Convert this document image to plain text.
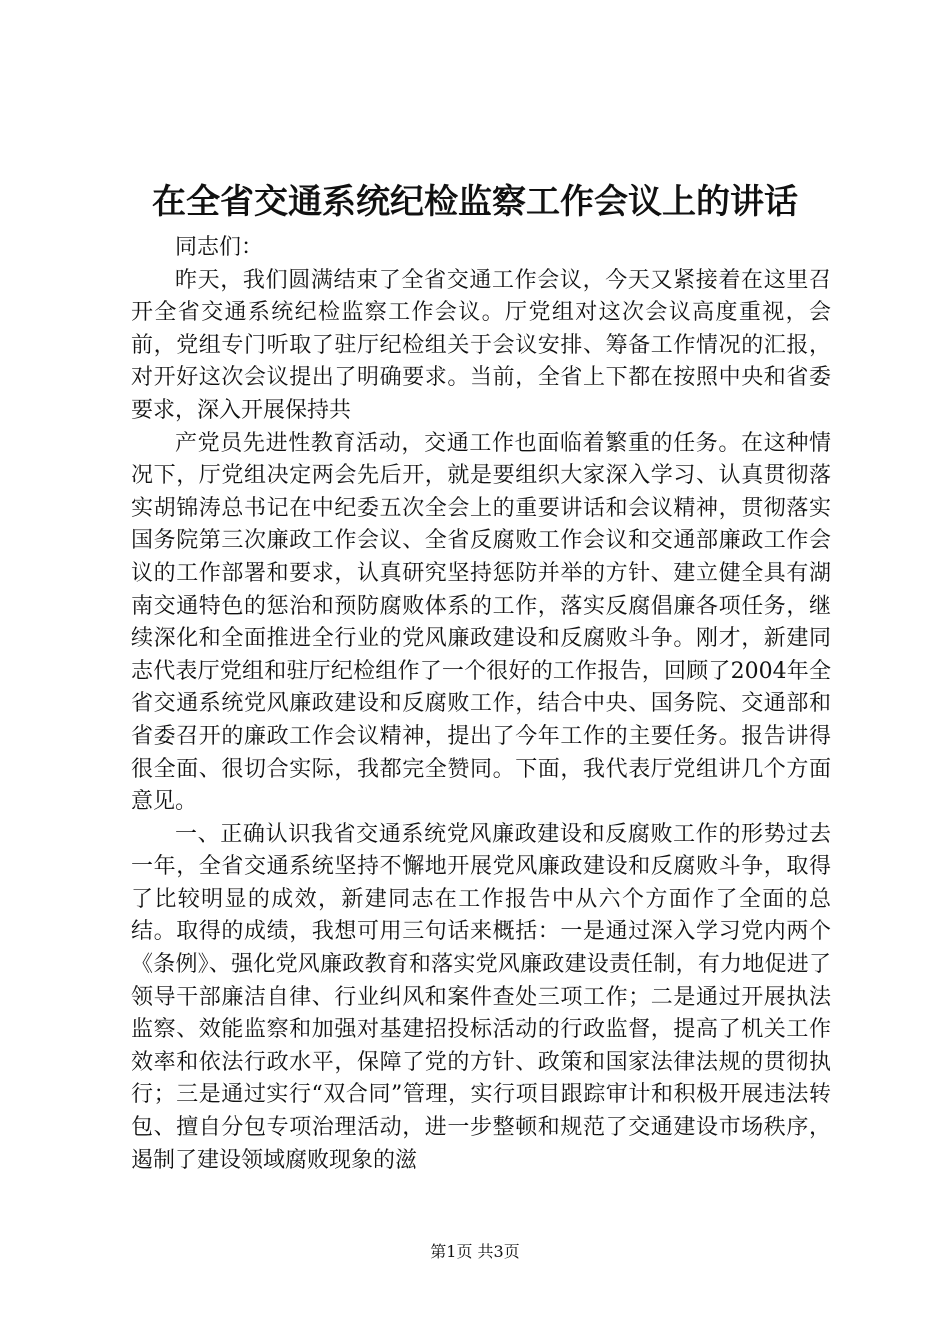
在全省交通系统纪检监察工作会议上的讲话

同志们：

昨天，我们圆满结束了全省交通工作会议，今天又紧接着在这里召开全省交通系统纪检监察工作会议。厅党组对这次会议高度重视，会前，党组专门听取了驻厅纪检组关于会议安排、筹备工作情况的汇报，对开好这次会议提出了明确要求。当前，全省上下都在按照中央和省委要求，深入开展保持共

产党员先进性教育活动，交通工作也面临着繁重的任务。在这种情况下，厅党组决定两会先后开，就是要组织大家深入学习、认真贯彻落实胡锦涛总书记在中纪委五次全会上的重要讲话和会议精神，贯彻落实国务院第三次廉政工作会议、全省反腐败工作会议和交通部廉政工作会议的工作部署和要求，认真研究坚持惩防并举的方针、建立健全具有湖南交通特色的惩治和预防腐败体系的工作，落实反腐倡廉各项任务，继续深化和全面推进全行业的党风廉政建设和反腐败斗争。刚才，新建同志代表厅党组和驻厅纪检组作了一个很好的工作报告，回顾了2004年全省交通系统党风廉政建设和反腐败工作，结合中央、国务院、交通部和省委召开的廉政工作会议精神，提出了今年工作的主要任务。报告讲得很全面、很切合实际，我都完全赞同。下面，我代表厅党组讲几个方面意见。

一、正确认识我省交通系统党风廉政建设和反腐败工作的形势过去一年，全省交通系统坚持不懈地开展党风廉政建设和反腐败斗争，取得了比较明显的成效，新建同志在工作报告中从六个方面作了全面的总结。取得的成绩，我想可用三句话来概括：一是通过深入学习党内两个《条例》、强化党风廉政教育和落实党风廉政建设责任制，有力地促进了领导干部廉洁自律、行业纠风和案件查处三项工作；二是通过开展执法监察、效能监察和加强对基建招投标活动的行政监督，提高了机关工作效率和依法行政水平，保障了党的方针、政策和国家法律法规的贯彻执行；三是通过实行“双合同”管理，实行项目跟踪审计和积极开展违法转包、擅自分包专项治理活动，进一步整顿和规范了交通建设市场秩序，遏制了建设领域腐败现象的滋

第1页 共3页
